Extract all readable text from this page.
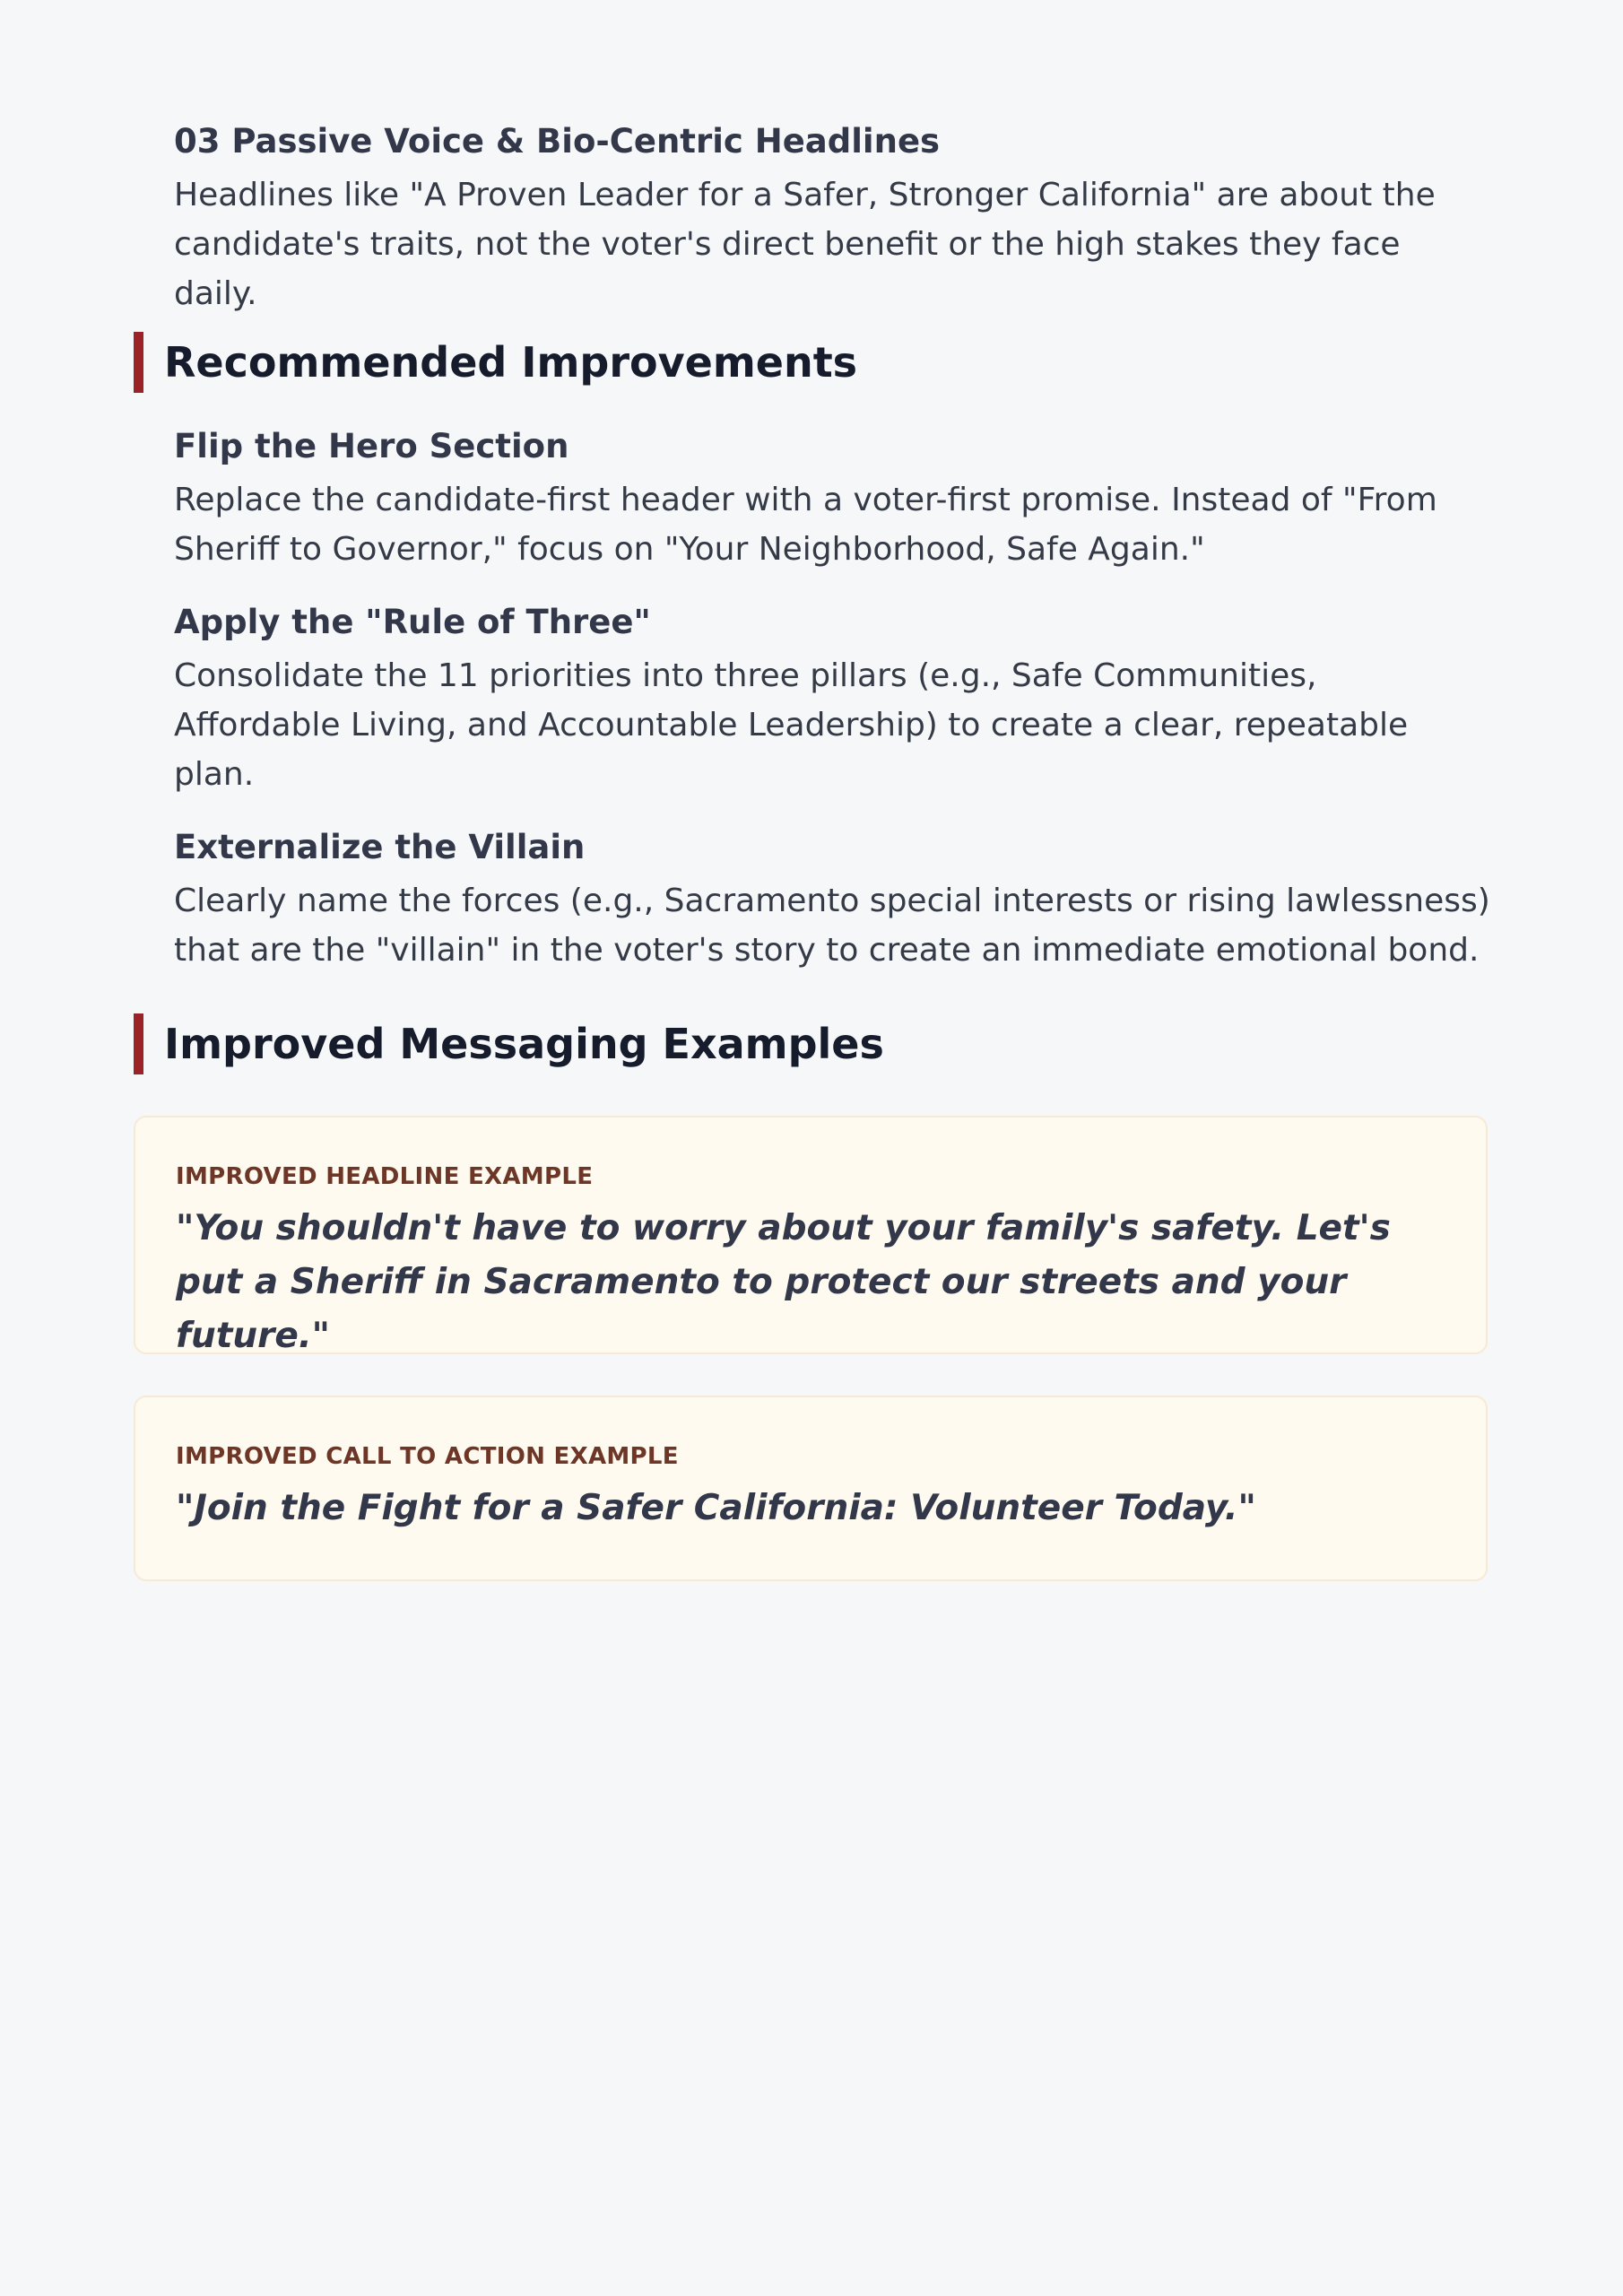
03 Passive Voice & Bio-Centric Headlines

Headlines like "A Proven Leader for a Safer, Stronger California" are about the candidate's traits, not the voter's direct benefit or the high stakes they face daily.

Recommended Improvements
Flip the Hero Section

Replace the candidate-first header with a voter-first promise. Instead of "From Sheriff to Governor," focus on "Your Neighborhood, Safe Again."

Apply the "Rule of Three"

Consolidate the 11 priorities into three pillars (e.g., Safe Communities, Affordable Living, and Accountable Leadership) to create a clear, repeatable plan.

Externalize the Villain

Clearly name the forces (e.g., Sacramento special interests or rising lawlessness) that are the "villain" in the voter's story to create an immediate emotional bond.

Improved Messaging Examples

IMPROVED HEADLINE EXAMPLE

"You shouldn't have to worry about your family's safety. Let's put a Sheriff in Sacramento to protect our streets and your future."

IMPROVED CALL TO ACTION EXAMPLE

"Join the Fight for a Safer California: Volunteer Today."
